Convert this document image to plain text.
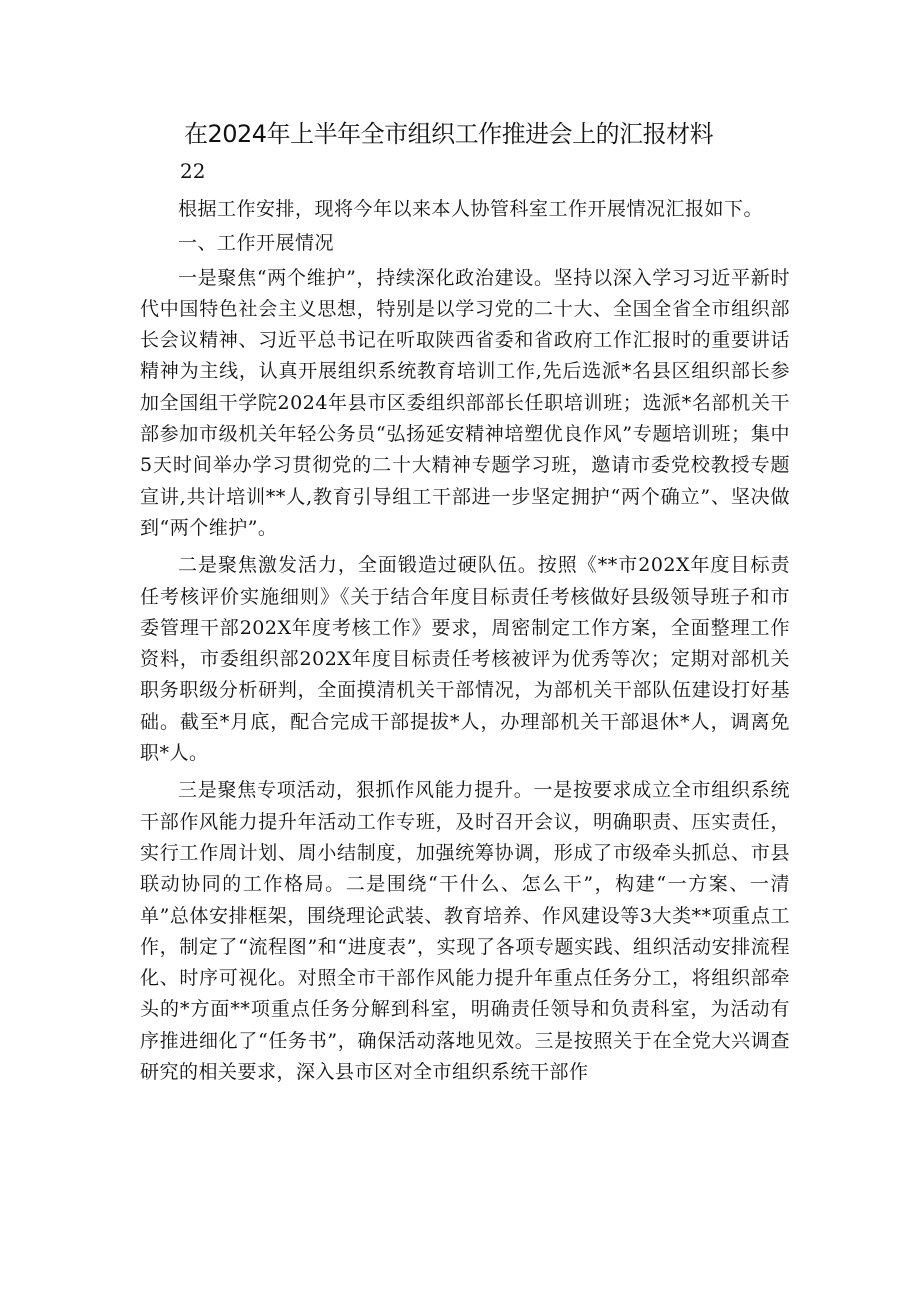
在2024年上半年全市组织工作推进会上的汇报材料
22

根据工作安排，现将今年以来本人协管科室工作开展情况汇报如下。

一、工作开展情况

一是聚焦“两个维护”，持续深化政治建设。坚持以深入学习习近平新时代中国特色社会主义思想，特别是以学习党的二十大、全国全省全市组织部长会议精神、习近平总书记在听取陕西省委和省政府工作汇报时的重要讲话精神为主线，认真开展组织系统教育培训工作,先后选派*名县区组织部长参加全国组干学院2024年县市区委组织部部长任职培训班；选派*名部机关干部参加市级机关年轻公务员“弘扬延安精神培塑优良作风”专题培训班；集中5天时间举办学习贯彻党的二十大精神专题学习班，邀请市委党校教授专题宣讲,共计培训**人,教育引导组工干部进一步坚定拥护“两个确立”、坚决做到“两个维护”。

二是聚焦激发活力，全面锻造过硬队伍。按照《**市202X年度目标责任考核评价实施细则》《关于结合年度目标责任考核做好县级领导班子和市委管理干部202X年度考核工作》要求，周密制定工作方案，全面整理工作资料，市委组织部202X年度目标责任考核被评为优秀等次；定期对部机关职务职级分析研判，全面摸清机关干部情况，为部机关干部队伍建设打好基础。截至*月底，配合完成干部提拔*人，办理部机关干部退休*人，调离免职*人。

三是聚焦专项活动，狠抓作风能力提升。一是按要求成立全市组织系统干部作风能力提升年活动工作专班，及时召开会议，明确职责、压实责任，实行工作周计划、周小结制度，加强统筹协调，形成了市级牵头抓总、市县联动协同的工作格局。二是围绕“干什么、怎么干”，构建“一方案、一清单”总体安排框架，围绕理论武装、教育培养、作风建设等3大类**项重点工作，制定了“流程图”和“进度表”，实现了各项专题实践、组织活动安排流程化、时序可视化。对照全市干部作风能力提升年重点任务分工，将组织部牵头的*方面**项重点任务分解到科室，明确责任领导和负责科室，为活动有序推进细化了“任务书”，确保活动落地见效。三是按照关于在全党大兴调查研究的相关要求，深入县市区对全市组织系统干部作
